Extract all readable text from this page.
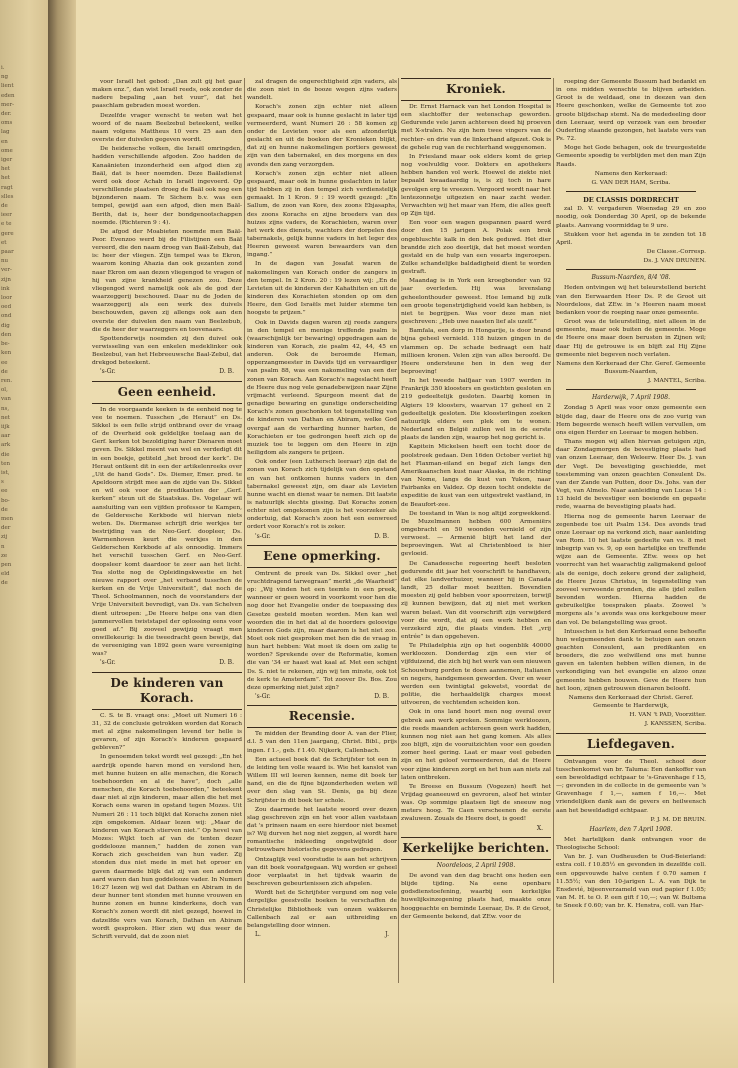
i.
ng
lient
eden
mer-
der.
oms
lag
en
ome
iger
het
het
ragt
slles
de
ieer
e te
gere
et
paar
nu
ver-
zijn
ink
loor
oed
ond
dig
den
be-
ken
ee
de
ren.
ol,
van
ns,
net
iijk
aar
ark
die
ten
ist,
s
ee
bo-
de
men
der
zij
n
ze
pen
eld
de

voor Israël het gebod: „Dan zult gij het gaar maken enz.”, dan wist Israël reeds, ook zonder de nadere bepaling „aan het vuur”, dat het paaschlam gebraden moest worden.

Dezelfde vrager wenscht te weten wat het woord of de naam Beelzebul beteekent, welke naam volgens Mattheus 10 vers 25 aan den overste der duivelen gegeven wordt.

De heidensche volken, die Israël omringden, hadden verschillende afgoden. Zoo hadden de Kanaänieten inzonderheid een afgod dien zij Baäl, dat is heer noemden. Deze Baälsdienst werd ook door Achab in Israël ingevoerd. Op verschillende plaatsen droeg de Baäl ook nog een bijzonderen naam. Te Sichem b.v. was een tempel, gewijd aan een afgod, dien men Baäl-Berith, dat is, heer der bondgenootschappen noemde. (Richteren 9 : 4).

De afgod der Moabieten noemde men Baäl-Peor. Evenzoo werd bij de Filistijnen een Baäl vereerd, die den naam droeg van Baäl-Zebub, dat is: heer der vliegen. Zijn tempel was te Ekron, waarom koning Ahazia dan ook gezanten zond naar Ekron om aan dezen vliegengod te vragen of hij van zijne krankheid genezen zou. Deze vliegengod werd namelijk ook als de god der waarzeggerij beschouwd. Daar nu de Joden de waarzeggerij als een werk des duivels beschouwden, gaven zij allengs ook aan den overste der duivelen den naam van Beelzebub, die de heer der waarzeggers en toovenaars.

Spottenderwijs noemden zij den duivel ook verwisseling van een enkelen medeklinker ook Beelzebul, van het Hebreeuwsche Baal-Zebul, dat drekgod beteekent.

's-Gr.	D. B.
Geen eenheid.

In de voorgaande keeken is de eenheid nog te vee te noemen. Tusschen „de Heraut” en Ds. Sikkel is een felle strijd ontbrand over de vraag of de Overheid ook geldelijke toelaag aan de Gerf. kerken tot bezoldiging harer Dienaren moet geven. Ds. Sikkel meent van wel en verdedigt dit in een boekje, getiteld „het brood der kerk”. De Heraut ontkent dit in een der artikelenreeks over „Uit de hand Gods”. Ds. Diemer, Emer. pred. te Apeldoorn strijdt mee aan de zijde van Ds. Sikkel en wil ook voor de predikanten der „Gerf. kerken” steun uit de Staatskas. Ds. Vogelaar wil aansluiting van een vijfden professor te Kampen, de Gelderesche Kerkbode wil hiervan niets weten. Ds. Diermanse schrijft drie werkjes ter bestrijding van de Neo-Gerf. doopleer, Ds. Warmenhoven keurt die werkjes in den Gelderschen Kerkbode af als onnoodig. Immers het verschil tusschen Gerf. en Neo-Gerf. doopsleer komt daardoor te zeer aan het licht. Tea slotte nog de Opleidingskwestie en het nieuwe rapport over „het verband tusschen de kerken en de Vrije Universiteit”, dat noch de Theol. Schoolmannen, noch de voorstanders der Vrije Universiteit bevredigt, van Ds. van Schelven dient uitroepen: „De Heere helpe ons van dien jammervollen twiststapel der oplossing eens voor goed af.” Bij zooveel gewijzig vraagt men onwillekeurig: Is die tweedracht geen bewijs, dat de vereeniging van 1892 geen ware vereeniging was?

's-Gr.	D. B.
De kinderen van Korach.

C. S. te B. vraagt ons: „Moet uit Numeri 16 : 31, 32 de conclusie getrokken worden dat Korach met al zijne nakomelingen levend ter helle is gevaren, of zijn Korach's kinderen gespaard gebleven?”

In genoemden tekst wordt wel gezegd: „En het aardrijk opende haren mond en verslond hen, met hunne huizen en alle menschen, die Korach toebehoorden en al de have”, doch „alle menschen, die Korach toebehoorden,” beteekent daar niet al zijn kinderen, maar allen die het met Korach eens waren in opstand tegen Mozes. Uit Numeri 26 : 11 toch blijkt dat Korachs zonen niet zijn omgekomen. Aldaar lezen wij: „Maar de kinderen van Korach stierven niet.” Op hevel van Mozes: Wijkt toch af van de tenten dezer goddelooze mannen,” hadden de zonen van Korach zich gescheiden van hun vader. Zij stonden dus niet mede in met het oproer en gaven daarmede blijk dat zij van een anderen aard waren dan hun goddelooze vader. In Numeri 16:27 lezen wij wel dat Dathan en Abiram in de deur hunner tent stonden met hunne vrouwen en hunne zonen en hunne kinderkens, doch van Korach's zonen wordt dit niet gezegd, hoewel in datzelfde vers van Korach, Dathan en Abiram wordt gesproken. Hier zien wij dus weer de Schrift vervuld, dat de zoon niet

zal dragen de ongerechtigheid zijn vaders, als die zoon niet in de booze wegen zijns vaders wandelt.

Korach's zonen zijn echter niet alleen gespaard, maar ook is hunne geslacht in later tijd vermeerderd, want Numeri 26 : 58 komen zij onder de Levieten voor als een afzonderlijk geslacht en uit de boeken der Kronieken blijkt, dat zij en hunne nakomelingen portiers geweest zijn van den tabernakel, en des morgens en des avonds den zang verzorgden.

Korach's zonen zijn echter niet alleen gespaard, maar ook in hunne geslachten in later tijd hebben zij in den tempel zich verdienstelijk gemaakt. In 1 Kron. 9 : 19 wordt gezegd: „En Sallum, de zoon van Kore, des zoons Ebjasaphs, des zoons Korachs en zijne broeders van des huizes zijns vaders, de Korachieten, waren over het werk des diensts, wachters der dorpelen des tabernakels, gelijk hunne vaders in het leger des Heeren geweest waren bewaarders van den ingang.”

In de dagen van Josafat waren de nakomelingen van Korach onder de zangers in den tempel. In 2 Kron. 20 : 19 lezen wij: „En de Levieten uit de kinderen der Kahathiten en uit de kinderen des Korachieten stonden op om den Heere, den God Israëls met luider stemme ten hoogste te prijzen.”

Ook in Davids dagen waren zij reeds zangers in den tempel en menige treffende psalm is (waarschijnlijk ter bewaring) opgedragen aan de kinderen van Korach, zie psalm 42, 44, 45 en anderen. Ook de beroemde Heman, opperzangmeester in Davids tijd en vervaardiger van psalm 88, was een nakomeling van een der zonen van Korach. Aan Korach's nageslacht heeft de Heere dus nog vele genadebewijzen naar Zijne vrijmacht verleend. Spurgeon meent dat de genadige bewaring en gunstige onderscheiding Korach's zonen geschonken tot tegenstelling van de kinderen van Dathan en Abiram, welke God overgaf aan de verharding hunner harten, de Korachieten er toe gedrongen heeft zich op de muziek toe te leggen om den Heere in zijn heiligdom als zangers te prijzen.

Ook onder (een Luthersch leeraar) zijn dat de zonen van Korach zich tijdelijk van den opstand en van het ontkomen hunns vaders in den tabernakel geweest zijn, om daar als Levieten hunne wacht en dienst waar te nemen. Dit laatste is natuurlijk slechts gissing. Dat Korachs zonen echter niet omgekomen zijn is het voorzeker als ondertuig, dat Korach's zoon het een eenwreed ordert voor Korach's rot is zeker.

's-Gr.	D. B.
Eene opmerking.

Omtrent de preek van Ds. Sikkel over „het vruchtdragend tarwegraan” merkt „de Waarheid” op: „Wij vinden het een teemte in een preek, wanneer er geen woord in voorkomt voor hen die nog door het Evangelie onder de toepassing des Gesetze gesteld moeten worden. Men kan wel woorden die in het dat al de hoorders geloovige kinderen Gods zijn, maar daarom is het niet zoo. Moet ook niet gesproken met hen die de vraag in hun hart hebben: Wat moet ik doen om zalig te worden? Sprekende over de Reformatie, komen die van '34 er haast wat kaal af. Met een schijnt Ds. S. niet te rekenen, zijn wij ten minste, ook tot de kerk te Amsterdam”. Tot zoover Ds. Bos. Zou deze opmerking niet juist zijn?

's-Gr.	D. B.
Recensie.

Te midden der Branding door A. van der Flier, d.l. 5 van den 11en jaargang, Christ. Bibl., prijs ingen. f 1.-, geb. f 1.40. Nijkerk, Callenbach.

Een actueel boek dat de Schrijfster tot een in de leiding ten volle waard is. Wie het kanslot van Willem III wil leeren kennen, neme dit boek ter hand, en die de fijne bijzonderheden weten wil over den slag van St. Denis, ga bij deze Schrijfster in dit boek ter schole.

Zou daarmede het laatste woord over dezen slag geschreven zijn en het voor allen vaststaan dat 's prinsen naam en eere hierdoor niet besmet is? Wij durven het nog niet zeggen, al wordt hare romantische inkleeding ongetwijfeld door betrouwbare historische gegevens gedragen.

Ontzaglijk veel voorstudie is aan het schrijven van dit boek voorafgegaan. Wij worden er geheel door verplaatst in het tijdvak waarin de beschreven gebeurtenissen zich afspelen.

Wordt het de Schrijfster vergund om nog vele dergelijke geestvolle boeken te verschaffen de Christelijke Bibliotheek van onzen wakkeren Callenbach zal er aan uitbreiding en belangstelling door winnen.

L.	J.
Kroniek.

Dr. Ernst Harnack van het London Hospital is een slachtoffer der wetenschap geworden. Gedurende vele jaren achtereen deed hij proeven met X-stralen. Nu zijn hem twee vingers van de rechter- en drie van de linkerhand afgezet. Ook is de gehele rug van de rechterhand weggenomen.

In Friesland maar ook elders komt de griep nog voelvuldig voor. Dokters en apothekers hebben handen vol werk. Hoewel de ziekte niet bepaald kwaadaardig is, is zij toch in hare gevolgen erg te vreezen. Vergoord wordt naar het lentezonnetje uitgezien en naar zacht weder. Verwachten wij het maar van Hem, die alles geeft op Zijn tijd.

Een voor een wagen gespannen paard werd door den 15 jarigen A. Polak een brok ongebluschte kalk in den bek geduwd. Het dier brandde zich zoo deerlijk, dat het moest worden gestald en de hulp van een veearts ingeroepen. Zulke schandelijke baldadigheid dient te worden gestraft.

Maandag is in York een kroegbonder van 92 jaar overleden. Hij was levenslang geheelonthouder geweest. Hoe lemand bij zulk een groote tegenstrijdigheid voeld kan hebben, is niet te begrijpen. Was voor deze man niet geschreven: „Heb uwe naasten lief als uzelf.”

Bamfala, een dorp in Hongarije, is door brand bijna geheel vernield. 118 huizen gingen in de vlammen op. De schade bedraagt een half millioen kronen. Velen zijn van alles beroofd. De Heere ondersteune hen in den weg der beproeving!

In het tweede halfjaar van 1907 werden in Frankrijk 350 kloosters en gestichten gesloten en 219 gedeeltelijk gesloten. Daarbij komen in Algiers 19 kloosters, waarvan 17 geheel en 2 gedeeltelijk gesloten. Die kloosterlingen zoeken natuurlijk elders een plek om te wonen. Nederland en België zullen wel in de eerste plaats de landen zijn, waarop het nog gericht is.

Kapitein Mickelsen heeft een tocht door de poolstreek gedaan. Den 16den October verliet hij het Flaxman-eiland en begaf zich langs den Amerikaanschen kust naar Alaska, in de richting van Nome, langs de kust van Yukon, naar Fairbanks en Valdez. Op dezen tocht ondekte de expeditie de kust van een uitgestrekt vastland, in de Beaufort-zee.

De toestand in Wan is nog altijd zorgwekkend. De Muzelmannen hebben 600 Armeniërs omgebracht en 50 woonden vernield of zijn verwoest. — Armenië blijft het land der beproevingen. Wat al Christenbloed is hier gevloeid.

De Canadeesche regeering heeft besloten gedurende dit jaar het voorschrift te handhaven, dat elke landverhuizer, wanneer hij in Canada landt, 25 dollar moet bezitten. Bovendien moesten zij geld hebben voor spoorreizen, terwijl zij kunnen bewijzen, dat zij niet met werken waren belast. Van dit voorschrift zijn verwijderd voor die wordt, dat zij een werk hebben en verzekerd zijn, die plaats vinden. Het „vrij entrée” is dan opgeheven.

Te Philadelphia zijn op het oogenblik 40000 werkloozen. Donderdag zijn een vier of vijfduizend, die zich bij het werk van een nieuwen Schouwburg porden te doen aannemen, Italianen en negers, handgemeen geworden. Over en weer werden een twintigtal gekwetst, voordat de politie, die herhaaldelijk charges moest uitvoeren, de vechtenden scheiden kon.

Ook in ons land hoort men nog overal over gebrek aan werk spreken. Sommige werkloozen, die reeds maanden achtereen geen werk hadden, kunnen nog niet aan het gang komen. Als alles zoo blijft, zijn de vooruitzichten voor een goeden zomer heel gering. Laat er maar veel gebeden zijn en het geloof vermeerderen, dat de Heere voor zijne kinderen zorgt en het hun aan niets zal laten ontbreken.

Te Breese en Bussum (Vogezen) heeft het Vrijdag geaneeuwd en gevroren, alsof het winter was. Op sommige plaatsen ligt de sneeuw nog meters hoog. Te Caen verscheenen de eerste zwaluwen. Zouals de Heere doet, is goed!

X.
Kerkelijke berichten.
Noordeloos, 2 April 1908.

De avond van den dag bracht ons heden een blijde tijding. Na eene openbare godsdienstoefening, waarbij een kerkelijke huwelijksinzegening plaats had, maakte onze hooggeachte en beminde Leeraar, Ds. P. de Groot, der Gemeente bekend, dat ZEw. voor de

roeping der Gemeente Bussum had bedankt en in ons midden wenschte te blijven arbeiden. Groot is de weldaad, one in deezen van den Heere geschonken, welke de Gemeente tot zoo groote blijdschap stemt. Na de mededeeling door den Leeraar, werd op verzoek van een broeder Ouderling staande gezongen, het laatste vers van Ps. 72.

Moge het Gode behagen, ook de treurgestelde Gemeente spoedig te verblijden met den man Zijn Raads.

Namens den Kerkeraad:

G. VAN DER HAM, Scriba.

DE CLASSIS DORDRECHT

zal D. V. vergaderen Woensdag 29 en zoo noodig, ook Donderdag 30 April, op de bekende plaats. Aanvang voormiddag te 9 ure.

Stukken voor het agenda in te zenden tot 18 April.

De Classe.-Corresp.

Ds. J. VAN DRUNEN.

Bussum-Naarden, 8/4 '08.

Heden ontvingen wij het teleurstellend bericht van den Eerwaarden Heer Ds. P. de Groot uit Noordeloos, dat ZEw. in 's Heeren naam moest bedanken voor de roeping naar onze gemeente.

Groot was de teleurstelling, niet alleen in de gemeente, maar ook buiten de gemeente. Moge de Heere ons maar doen berusten in Zijnen wil; daar Hij de getrouwe is en blijft zal Hij Zijne gemeente niet begeven noch verlaten.

Namens den Kerkeraad der Chr. Geref. Gemeente Bussum-Naarden,

J. MANTEL, Scriba.

Harderwijk, 7 April 1908.

Zondag 5 April was voor onze gemeente een blijde dag, daar de Heere ons de zoo vurig van Hem begeerde wensch heeft willen vervullen, om ons eigen Herder en Leeraar te mogen hebben.

Thans mogen wij allen hiervan getuigen zijn, daar Zondagmorgen de bevestiging plaats had van onzen Leeraar, den Weleerw. Heer Ds. J. van der Vegt. De bevestiging geschiedde, met toestemming van onzen geachten Consulent Ds. van der Zande van Putten, door Ds. Johs. van der Vegt, van Almelo. Naar aanleiding van Lucas 14 : 13 hield de bevestiger een boeiende en gepaste rede, waarna de bevestiging plaats had.

Hierna nog de gemeente haren Leeraar de zegenbede toe uit Psalm 134. Des avonds trad onze Leeraar op na verkond zich, naar aanleiding van Rom. 10 het laatste gedeelte van vs. 8 met inbegrip van vs. 9, op een hartelijke en treffende wijze aan de Gemeente. ZEw. wees op het voorrecht van het waarachtig zaligmakend geloof als de eenige, doch zekere grond der zaligheid, de Heere Jezus Christus, in tegenstelling van zooveel verwoende gronden, die alle ijdel zullen bevonden worden. Hierna hadden de gebruikelijke toespraken plaats. Zoowel 's morgens als 's avonds was ons kerkgebouw meer dan vol. De belangstelling was groot.

Intusschen is het den Kerkeraad eene behoefte hun welgemeenden dank te betuigen aan onzen geachten Consulent, aan predikanten en broeders, die zoo welwillend ons met hunne gaven en talenten hebben willen dienen, in de verkondiging van het evangelie en alzoo onze gemeente hebben bouwen. Geve de Heere hun het loon, zijnen getrouwen dienaren beloofd.

Namens den Kerkeraad der Christ. Geref. Gemeente te Harderwijk,

H. VAN 't PAD, Voorzitter.

J. KANSSEN, Scriba.

Liefdegaven.

Ontvangen voor de Theol. school door tusschenkomst van br. Taluma: Een dankoffer van een bewoldadigd echtpaar te 's-Gravenhage f 15,—; gevonden in de collecte in de gemeente van 's Gravenhage f 1,—, samen f 16,—. Met vriendelijken dank aan de gevers en heilwensch aan het beweldadigd echtpaar.

P. J. M. DE BRUIN.

Haarlem, den 7 April 1908.

Met hartelijken dank ontvangen voor de Theologische School:

Van br. J. van Oudheusden te Oud-Beierland: extra coll. f 10.85½ en gevonden in dezelfde coll. een opgevouwde halve centen f 0.70 samen f 11.55½; van den 10-jarigen L. A. van Dijk te Ensdevié, bijeenverzameld van oud papier f 1.05; van M. H. te O. P. een gift f 10,—; van W. Bultsma te Sneek f 0.60; van br. K. Henstra, coll. van Har-
